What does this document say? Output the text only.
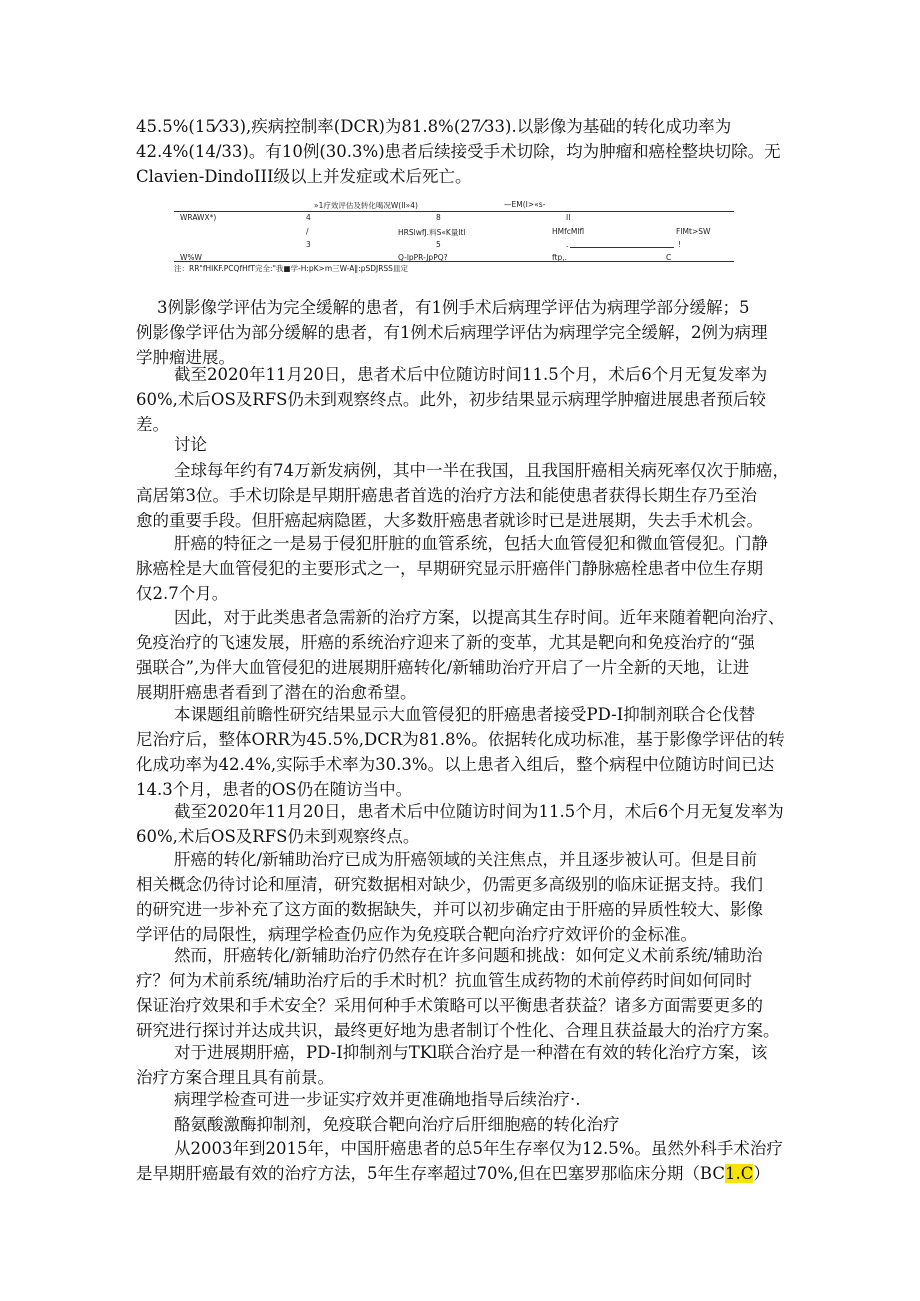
45.5%(15⁄33),疾病控制率(DCR)为81.8%(27⁄33).以影像为基础的转化成功率为
42.4%(14/33)。有10例(30.3%)患者后续接受手术切除，均为肿瘤和癌栓整块切除。无
Clavien-DindoIII级以上并发症或术后死亡。

»1疗效评估及转化喝况W(II»4)	—EM(I>«s-
WRAWX*)	4	8	II
/	HRSlwfJ.料S«K量Itl	HMfcMlfl	FIMt>SW
3	5	.	!
W%W	Q-lpPR-JpPQ?	ftp,.	C
注：RR"fHIKF.PCQfHfT完全:"我■学-H:pK>m三W-A‖:pSDJRSS皿定

3例影像学评估为完全缓解的患者，有1例手术后病理学评估为病理学部分缓解；5
例影像学评估为部分缓解的患者，有1例术后病理学评估为病理学完全缓解，2例为病理
学肿瘤进展。

截至2020年11月20日，患者术后中位随访时间11.5个月，术后6个月无复发率为
60%,术后OS及RFS仍未到观察终点。此外，初步结果显示病理学肿瘤进展患者预后较
差。

讨论

全球每年约有74万新发病例，其中一半在我国，且我国肝癌相关病死率仅次于肺癌，
高居第3位。手术切除是早期肝癌患者首选的治疗方法和能使患者获得长期生存乃至治
愈的重要手段。但肝癌起病隐匿，大多数肝癌患者就诊时已是进展期，失去手术机会。

肝癌的特征之一是易于侵犯肝脏的血管系统，包括大血管侵犯和微血管侵犯。门静
脉癌栓是大血管侵犯的主要形式之一，早期研究显示肝癌伴门静脉癌栓患者中位生存期
仅2.7个月。

因此，对于此类患者急需新的治疗方案，以提高其生存时间。近年来随着靶向治疗、
免疫治疗的飞速发展，肝癌的系统治疗迎来了新的变革，尤其是靶向和免疫治疗的“强
强联合”,为伴大血管侵犯的进展期肝癌转化/新辅助治疗开启了一片全新的天地，让进
展期肝癌患者看到了潜在的治愈希望。

本课题组前瞻性研究结果显示大血管侵犯的肝癌患者接受PD-I抑制剂联合仑伐替
尼治疗后，整体ORR为45.5%,DCR为81.8%。依据转化成功标准，基于影像学评估的转
化成功率为42.4%,实际手术率为30.3%。以上患者入组后，整个病程中位随访时间已达
14.3个月，患者的OS仍在随访当中。

截至2020年11月20日，患者术后中位随访时间为11.5个月，术后6个月无复发率为
60%,术后OS及RFS仍未到观察终点。

肝癌的转化/新辅助治疗已成为肝癌领域的关注焦点，并且逐步被认可。但是目前
相关概念仍待讨论和厘清，研究数据相对缺少，仍需更多高级别的临床证据支持。我们
的研究进一步补充了这方面的数据缺失，并可以初步确定由于肝癌的异质性较大、影像
学评估的局限性，病理学检查仍应作为免疫联合靶向治疗疗效评价的金标准。

然而，肝癌转化/新辅助治疗仍然存在许多问题和挑战：如何定义术前系统/辅助治
疗？何为术前系统/辅助治疗后的手术时机？抗血管生成药物的术前停药时间如何同时
保证治疗效果和手术安全？采用何种手术策略可以平衡患者获益？诸多方面需要更多的
研究进行探讨并达成共识，最终更好地为患者制订个性化、合理且获益最大的治疗方案。

对于进展期肝癌，PD-I抑制剂与TKl联合治疗是一种潜在有效的转化治疗方案，该
治疗方案合理且具有前景。

病理学检查可进一步证实疗效并更准确地指导后续治疗·.

酪氨酸激酶抑制剂，免疫联合靶向治疗后肝细胞癌的转化治疗

从2003年到2015年，中国肝癌患者的总5年生存率仅为12.5%。虽然外科手术治疗
是早期肝癌最有效的治疗方法，5年生存率超过70%,但在巴塞罗那临床分期（BC1.C）
